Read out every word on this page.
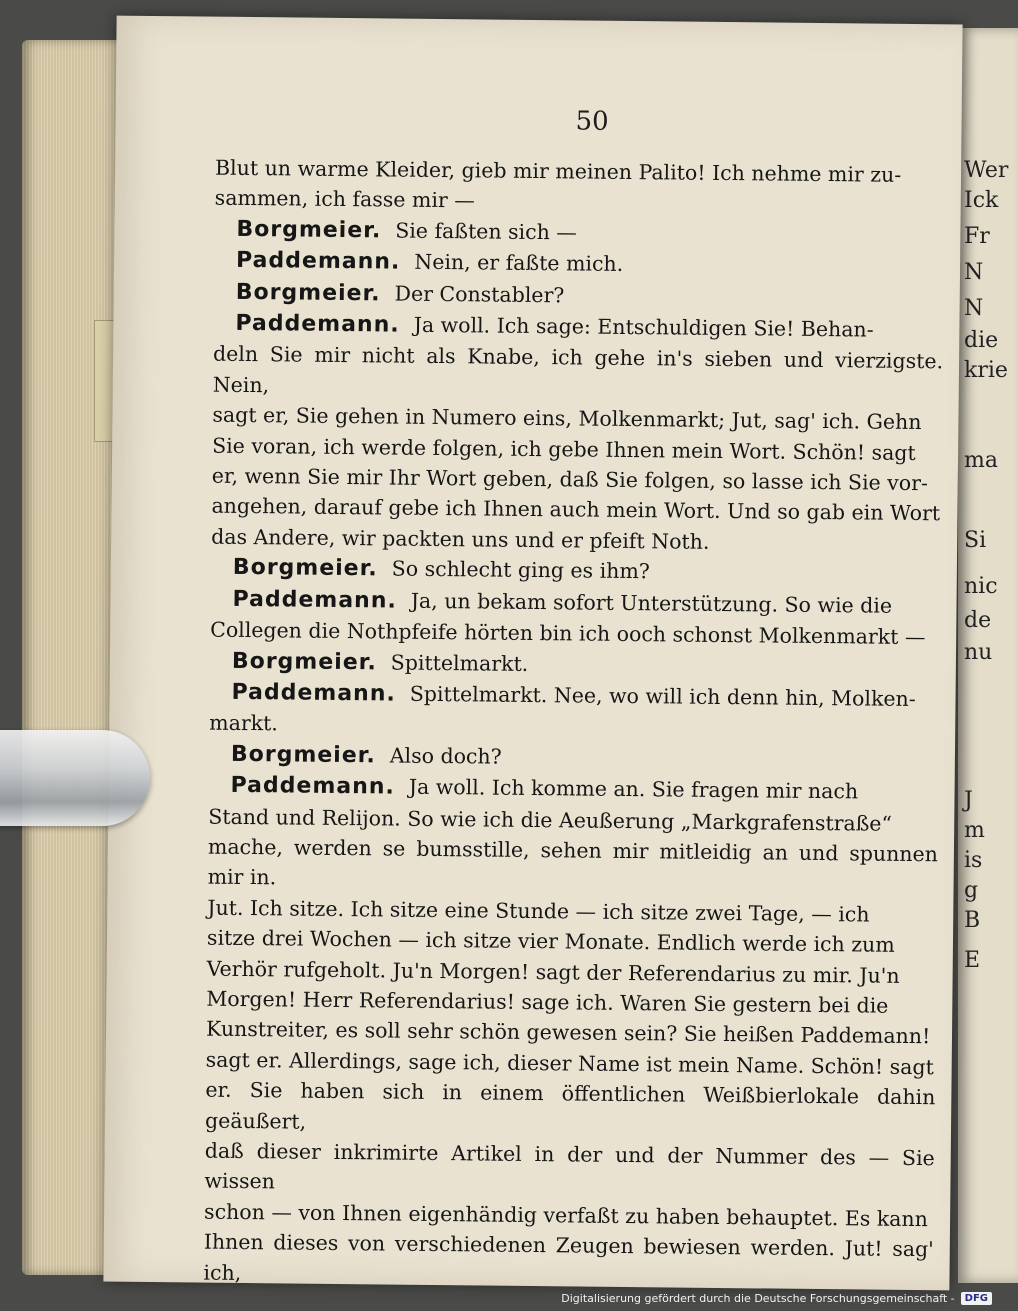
Wer
Ick
Fr
N
N
die
krie
ma
Si
nic
de
nu
J
m
is
g
B
E
50

Blut un warme Kleider, gieb mir meinen Palito! Ich nehme mir zu-

sammen, ich fasse mir —

Borgmeier. Sie faßten sich —

Paddemann. Nein, er faßte mich.

Borgmeier. Der Constabler?

Paddemann. Ja woll. Ich sage: Entschuldigen Sie! Behan-

deln Sie mir nicht als Knabe, ich gehe in's sieben und vierzigste. Nein,

sagt er, Sie gehen in Numero eins, Molkenmarkt; Jut, sag' ich. Gehn

Sie voran, ich werde folgen, ich gebe Ihnen mein Wort. Schön! sagt

er, wenn Sie mir Ihr Wort geben, daß Sie folgen, so lasse ich Sie vor-

angehen, darauf gebe ich Ihnen auch mein Wort. Und so gab ein Wort

das Andere, wir packten uns und er pfeift Noth.

Borgmeier. So schlecht ging es ihm?

Paddemann. Ja, un bekam sofort Unterstützung. So wie die

Collegen die Nothpfeife hörten bin ich ooch schonst Molkenmarkt —

Borgmeier. Spittelmarkt.

Paddemann. Spittelmarkt. Nee, wo will ich denn hin, Molken-

markt.

Borgmeier. Also doch?

Paddemann. Ja woll. Ich komme an. Sie fragen mir nach

Stand und Relijon. So wie ich die Aeußerung „Markgrafenstraße“

mache, werden se bumsstille, sehen mir mitleidig an und spunnen mir in.

Jut. Ich sitze. Ich sitze eine Stunde — ich sitze zwei Tage, — ich

sitze drei Wochen — ich sitze vier Monate. Endlich werde ich zum

Verhör rufgeholt. Ju'n Morgen! sagt der Referendarius zu mir. Ju'n

Morgen! Herr Referendarius! sage ich. Waren Sie gestern bei die

Kunstreiter, es soll sehr schön gewesen sein? Sie heißen Paddemann!

sagt er. Allerdings, sage ich, dieser Name ist mein Name. Schön! sagt

er. Sie haben sich in einem öffentlichen Weißbierlokale dahin geäußert,

daß dieser inkrimirte Artikel in der und der Nummer des — Sie wissen

schon — von Ihnen eigenhändig verfaßt zu haben behauptet. Es kann

Ihnen dieses von verschiedenen Zeugen bewiesen werden. Jut! sag' ich,

Digitalisierung gefördert durch die Deutsche Forschungsgemeinschaft -	DFG
